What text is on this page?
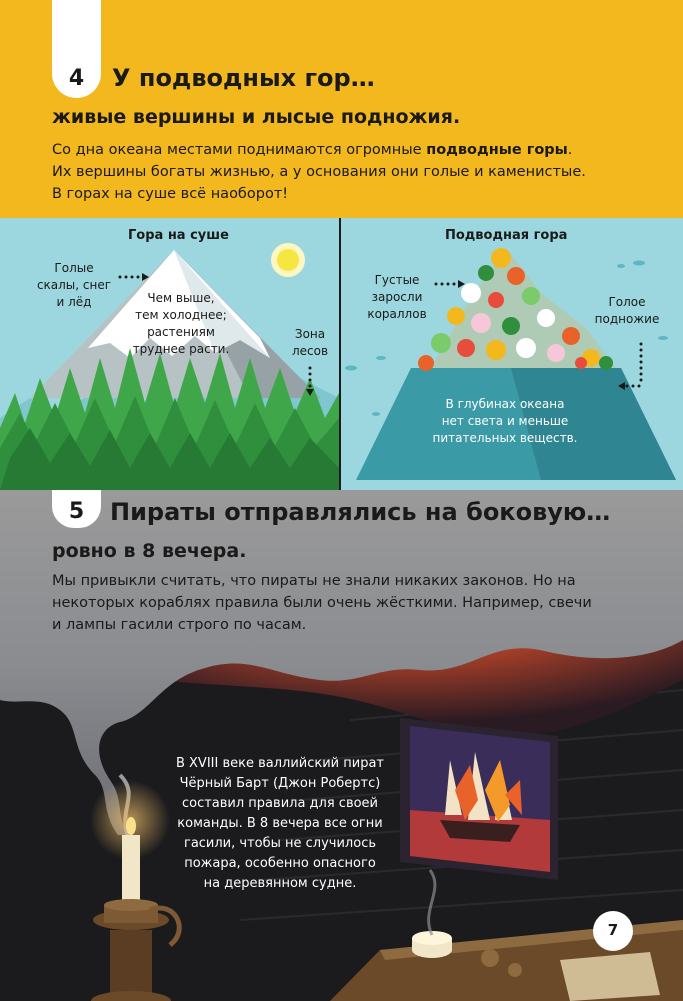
4	У подводных гор…
живые вершины и лысые подножия.
Со дна океана местами поднимаются огромные подводные горы.
Их вершины богаты жизнью, а у основания они голые и каменистые.
В горах на суше всё наоборот!
Гора на суше
Голые
скалы, снег
и лёд	Чем выше,
тем холоднее;
растениям
труднее расти.
Зона
лесов
Подводная гора
Густые
заросли
кораллов
Голое
подножие
В глубинах океана
нет света и меньше
питательных веществ.
5	Пираты отправлялись на боковую…
ровно в 8 вечера.
Мы привыкли считать, что пираты не знали никаких законов. Но на
некоторых кораблях правила были очень жёсткими. Например, свечи
и лампы гасили строго по часам.
В XVIII веке валлийский пират
Чёрный Барт (Джон Робертс)
составил правила для своей
команды. В 8 вечера все огни
гасили, чтобы не случилось
пожара, особенно опасного
на деревянном судне.
7
